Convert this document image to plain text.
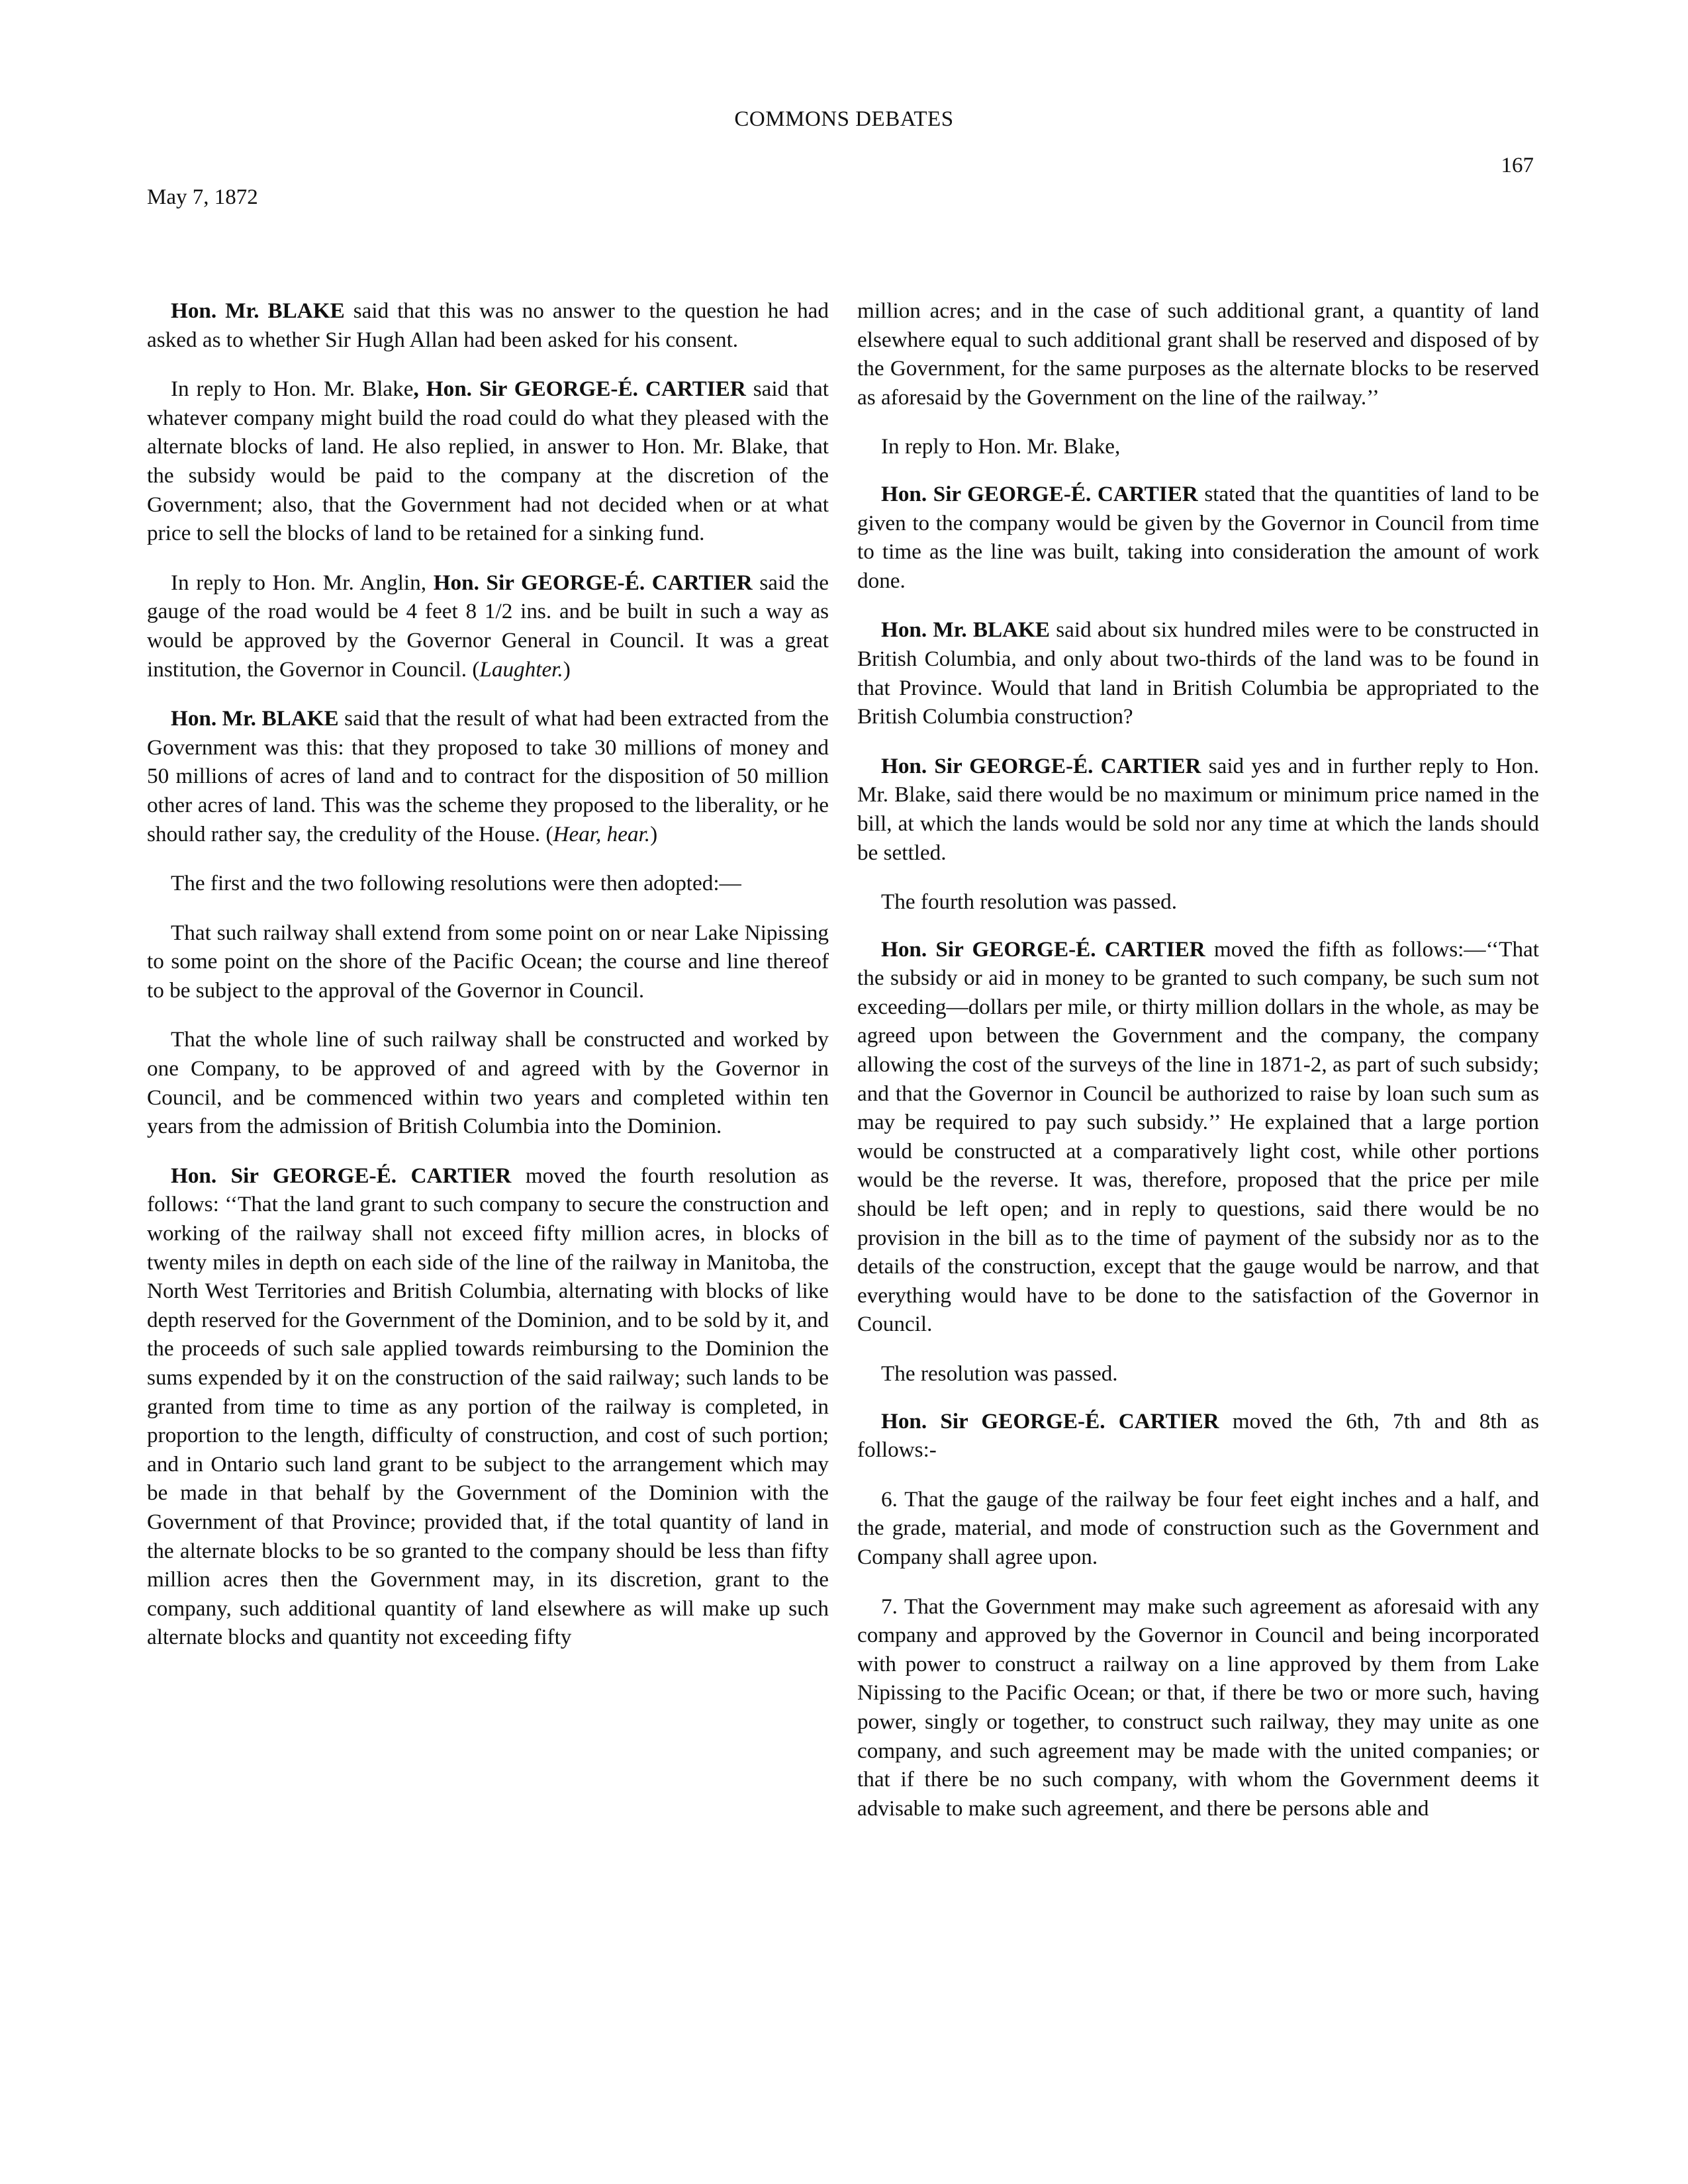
COMMONS DEBATES
167
May 7, 1872

Hon. Mr. BLAKE said that this was no answer to the question he had asked as to whether Sir Hugh Allan had been asked for his consent.

In reply to Hon. Mr. Blake, Hon. Sir GEORGE-É. CARTIER said that whatever company might build the road could do what they pleased with the alternate blocks of land. He also replied, in answer to Hon. Mr. Blake, that the subsidy would be paid to the company at the discretion of the Government; also, that the Government had not decided when or at what price to sell the blocks of land to be retained for a sinking fund.

In reply to Hon. Mr. Anglin, Hon. Sir GEORGE-É. CARTIER said the gauge of the road would be 4 feet 8 1/2 ins. and be built in such a way as would be approved by the Governor General in Council. It was a great institution, the Governor in Council. (Laughter.)

Hon. Mr. BLAKE said that the result of what had been extracted from the Government was this: that they proposed to take 30 millions of money and 50 millions of acres of land and to contract for the disposition of 50 million other acres of land. This was the scheme they proposed to the liberality, or he should rather say, the credulity of the House. (Hear, hear.)

The first and the two following resolutions were then adopted:—

That such railway shall extend from some point on or near Lake Nipissing to some point on the shore of the Pacific Ocean; the course and line thereof to be subject to the approval of the Governor in Council.

That the whole line of such railway shall be constructed and worked by one Company, to be approved of and agreed with by the Governor in Council, and be commenced within two years and completed within ten years from the admission of British Columbia into the Dominion.

Hon. Sir GEORGE-É. CARTIER moved the fourth resolution as follows: ‘‘That the land grant to such company to secure the construction and working of the railway shall not exceed fifty million acres, in blocks of twenty miles in depth on each side of the line of the railway in Manitoba, the North West Territories and British Columbia, alternating with blocks of like depth reserved for the Government of the Dominion, and to be sold by it, and the proceeds of such sale applied towards reimbursing to the Dominion the sums expended by it on the construction of the said railway; such lands to be granted from time to time as any portion of the railway is completed, in proportion to the length, difficulty of construction, and cost of such portion; and in Ontario such land grant to be subject to the arrangement which may be made in that behalf by the Government of the Dominion with the Government of that Province; provided that, if the total quantity of land in the alternate blocks to be so granted to the company should be less than fifty million acres then the Government may, in its discretion, grant to the company, such additional quantity of land elsewhere as will make up such alternate blocks and quantity not exceeding fifty

million acres; and in the case of such additional grant, a quantity of land elsewhere equal to such additional grant shall be reserved and disposed of by the Government, for the same purposes as the alternate blocks to be reserved as aforesaid by the Government on the line of the railway.’’

In reply to Hon. Mr. Blake,

Hon. Sir GEORGE-É. CARTIER stated that the quantities of land to be given to the company would be given by the Governor in Council from time to time as the line was built, taking into consideration the amount of work done.

Hon. Mr. BLAKE said about six hundred miles were to be constructed in British Columbia, and only about two-thirds of the land was to be found in that Province. Would that land in British Columbia be appropriated to the British Columbia construction?

Hon. Sir GEORGE-É. CARTIER said yes and in further reply to Hon. Mr. Blake, said there would be no maximum or minimum price named in the bill, at which the lands would be sold nor any time at which the lands should be settled.

The fourth resolution was passed.

Hon. Sir GEORGE-É. CARTIER moved the fifth as follows:—‘‘That the subsidy or aid in money to be granted to such company, be such sum not exceeding—dollars per mile, or thirty million dollars in the whole, as may be agreed upon between the Government and the company, the company allowing the cost of the surveys of the line in 1871-2, as part of such subsidy; and that the Governor in Council be authorized to raise by loan such sum as may be required to pay such subsidy.’’ He explained that a large portion would be constructed at a comparatively light cost, while other portions would be the reverse. It was, therefore, proposed that the price per mile should be left open; and in reply to questions, said there would be no provision in the bill as to the time of payment of the subsidy nor as to the details of the construction, except that the gauge would be narrow, and that everything would have to be done to the satisfaction of the Governor in Council.

The resolution was passed.

Hon. Sir GEORGE-É. CARTIER moved the 6th, 7th and 8th as follows:-

6. That the gauge of the railway be four feet eight inches and a half, and the grade, material, and mode of construction such as the Government and Company shall agree upon.

7. That the Government may make such agreement as aforesaid with any company and approved by the Governor in Council and being incorporated with power to construct a railway on a line approved by them from Lake Nipissing to the Pacific Ocean; or that, if there be two or more such, having power, singly or together, to construct such railway, they may unite as one company, and such agreement may be made with the united companies; or that if there be no such company, with whom the Government deems it advisable to make such agreement, and there be persons able and
